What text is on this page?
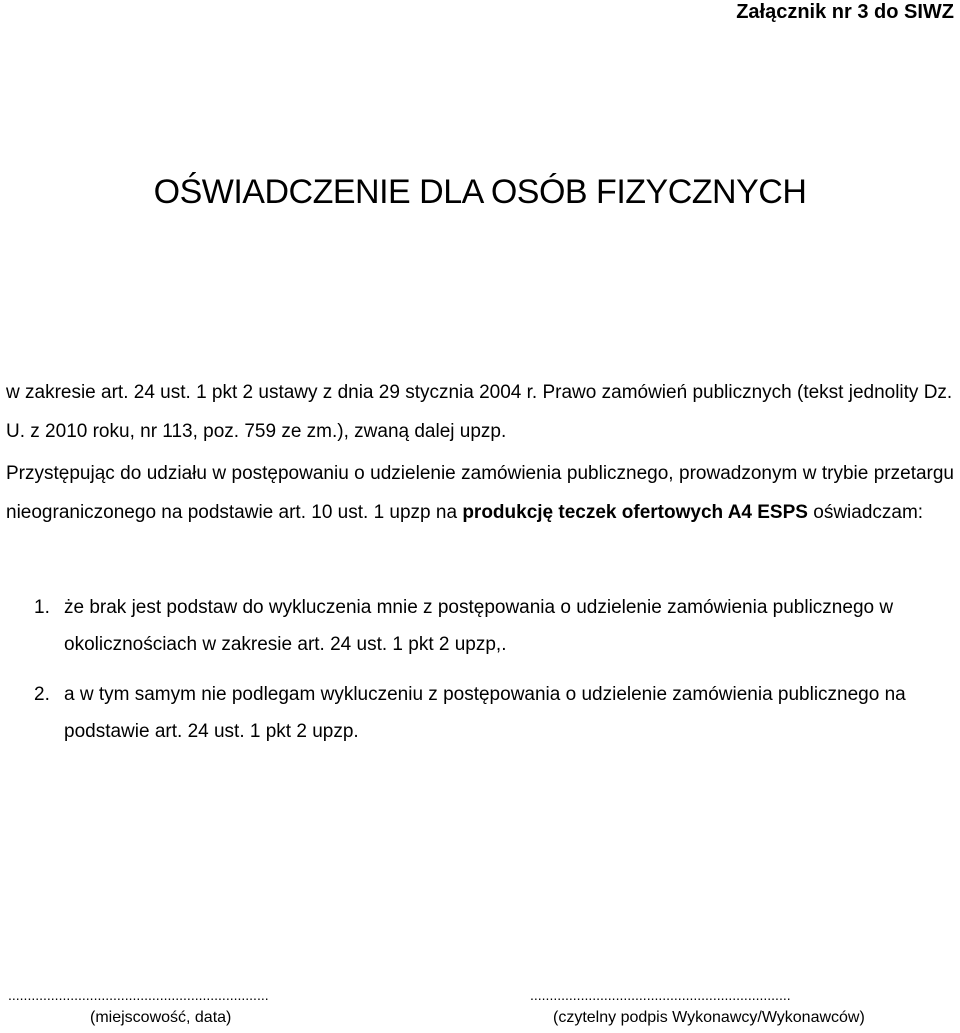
Załącznik nr 3 do SIWZ
OŚWIADCZENIE DLA OSÓB FIZYCZNYCH
w zakresie art. 24 ust. 1 pkt 2 ustawy z dnia 29 stycznia 2004 r. Prawo zamówień publicznych (tekst jednolity Dz. U. z 2010 roku, nr 113, poz. 759 ze zm.), zwaną dalej upzp.
Przystępując do udziału w postępowaniu o udzielenie zamówienia publicznego, prowadzonym w trybie przetargu nieograniczonego na podstawie art. 10 ust. 1 upzp na produkcję teczek ofertowych A4 ESPS oświadczam:
1. że brak jest podstaw do wykluczenia mnie z postępowania o udzielenie zamówienia publicznego w okolicznościach w zakresie art. 24 ust. 1 pkt 2 upzp,.
2. a w tym samym nie podlegam wykluczeniu z postępowania o udzielenie zamówienia publicznego na podstawie art. 24 ust. 1 pkt 2 upzp.
...................................................................	...................................................................
(miejscowość, data)	(czytelny podpis Wykonawcy/Wykonawców)
